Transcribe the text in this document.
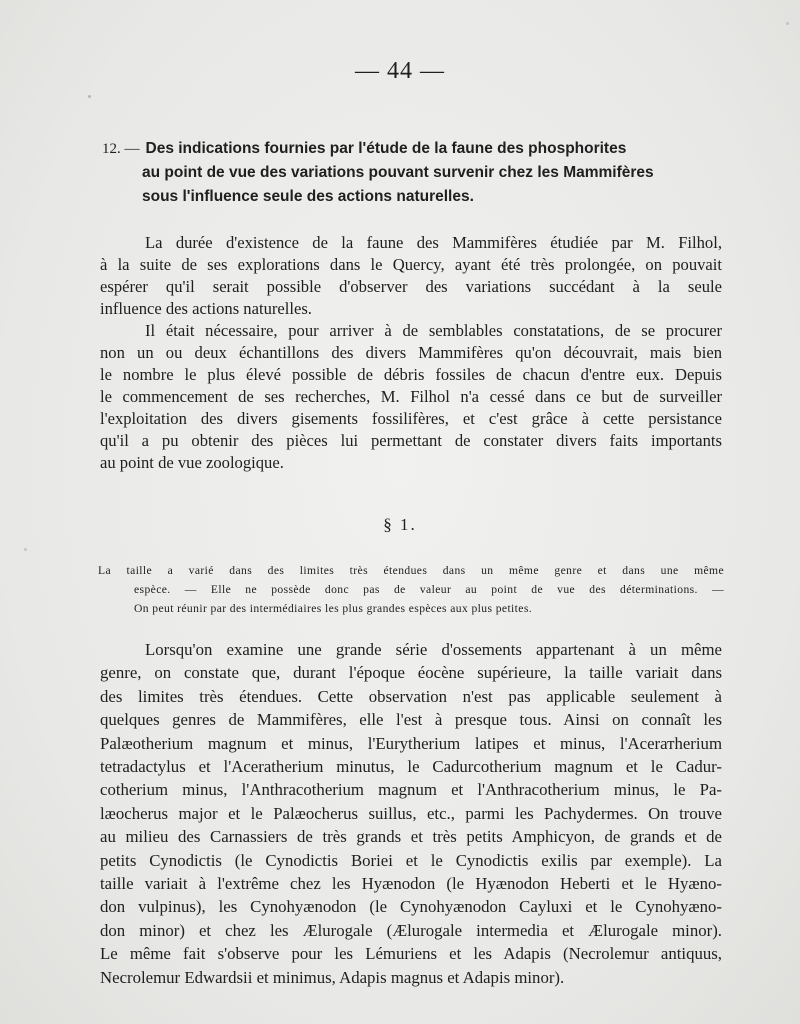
— 44 —
12. — Des indications fournies par l'étude de la faune des phosphorites
au point de vue des variations pouvant survenir chez les Mammifères
sous l'influence seule des actions naturelles.
La durée d'existence de la faune des Mammifères étudiée par M. Filhol,
à la suite de ses explorations dans le Quercy, ayant été très prolongée, on pouvait
espérer qu'il serait possible d'observer des variations succédant à la seule
influence des actions naturelles.
Il était nécessaire, pour arriver à de semblables constatations, de se procurer
non un ou deux échantillons des divers Mammifères qu'on découvrait, mais bien
le nombre le plus élevé possible de débris fossiles de chacun d'entre eux. Depuis
le commencement de ses recherches, M. Filhol n'a cessé dans ce but de surveiller
l'exploitation des divers gisements fossilifères, et c'est grâce à cette persistance
qu'il a pu obtenir des pièces lui permettant de constater divers faits importants
au point de vue zoologique.
§ 1.
La taille a varié dans des limites très étendues dans un même genre et dans une même
espèce. — Elle ne possède donc pas de valeur au point de vue des déterminations. —
On peut réunir par des intermédiaires les plus grandes espèces aux plus petites.
Lorsqu'on examine une grande série d'ossements appartenant à un même
genre, on constate que, durant l'époque éocène supérieure, la taille variait dans
des limites très étendues. Cette observation n'est pas applicable seulement à
quelques genres de Mammifères, elle l'est à presque tous. Ainsi on connaît les
Palæotherium magnum et minus, l'Eurytherium latipes et minus, l'Acerатherium
tetradactylus et l'Aceratherium minutus, le Cadurcotherium magnum et le Cadur-
cotherium minus, l'Anthracotherium magnum et l'Anthracotherium minus, le Pa-
læocherus major et le Palæocherus suillus, etc., parmi les Pachydermes. On trouve
au milieu des Carnassiers de très grands et très petits Amphicyon, de grands et de
petits Cynodictis (le Cynodictis Boriei et le Cynodictis exilis par exemple). La
taille variait à l'extrême chez les Hyænodon (le Hyænodon Heberti et le Hyæno-
don vulpinus), les Cynohyænodon (le Cynohyænodon Cayluxi et le Cynohyæno-
don minor) et chez les Ælurogale (Ælurogale intermedia et Ælurogale minor).
Le même fait s'observe pour les Lémuriens et les Adapis (Necrolemur antiquus,
Necrolemur Edwardsii et minimus, Adapis magnus et Adapis minor).
